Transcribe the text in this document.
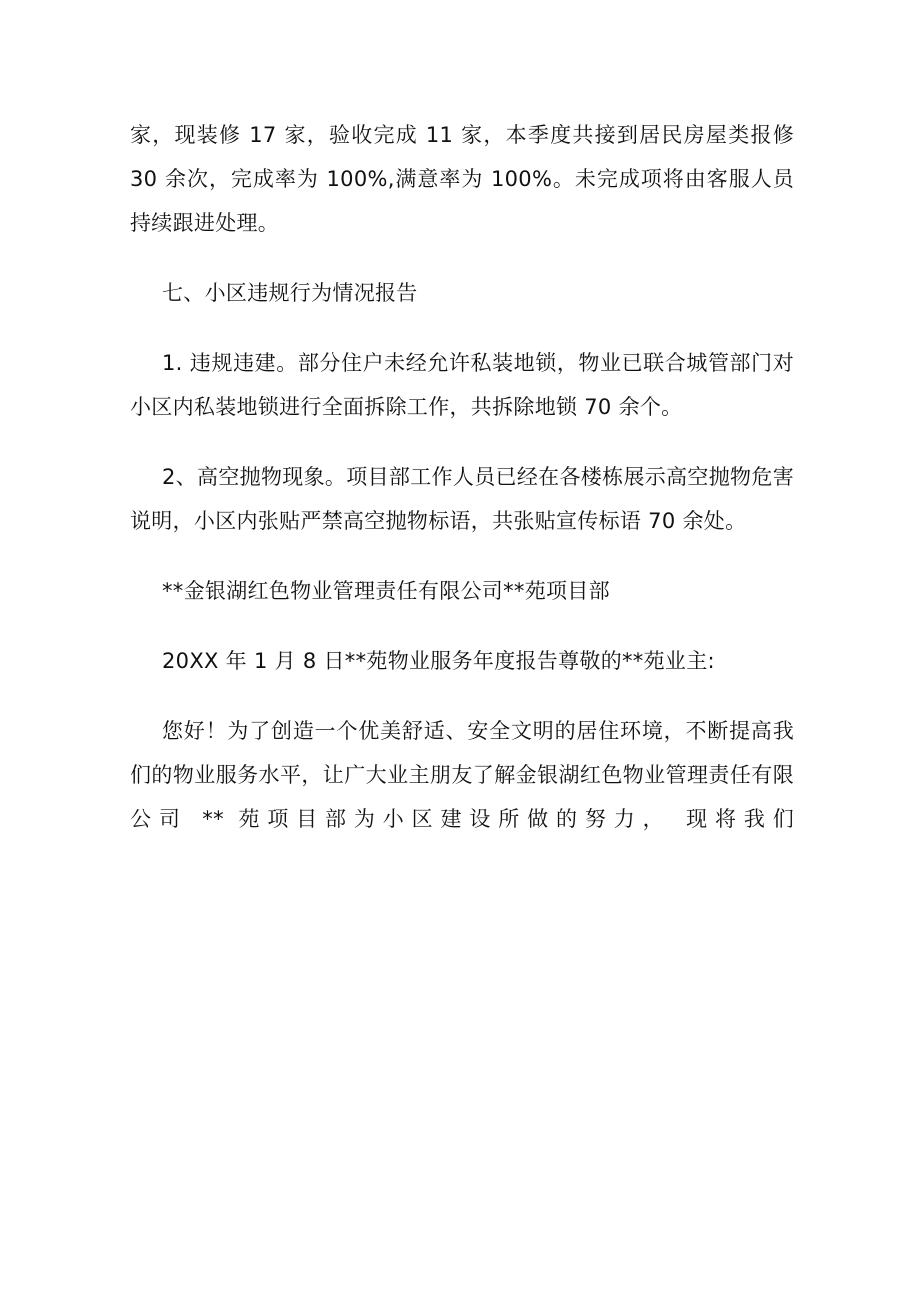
家，现装修 17 家，验收完成 11 家，本季度共接到居民房屋类报修 30 余次，完成率为 100%,满意率为 100%。未完成项将由客服人员持续跟进处理。

七、小区违规行为情况报告

1. 违规违建。部分住户未经允许私装地锁，物业已联合城管部门对小区内私装地锁进行全面拆除工作，共拆除地锁 70 余个。

2、高空抛物现象。项目部工作人员已经在各楼栋展示高空抛物危害说明，小区内张贴严禁高空抛物标语，共张贴宣传标语 70 余处。

**金银湖红色物业管理责任有限公司**苑项目部

20XX 年 1 月 8 日**苑物业服务年度报告尊敬的**苑业主:

您好！为了创造一个优美舒适、安全文明的居住环境，不断提高我们的物业服务水平，让广大业主朋友了解金银湖红色物业管理责任有限公司 ** 苑项目部为小区建设所做的努力， 现将我们
